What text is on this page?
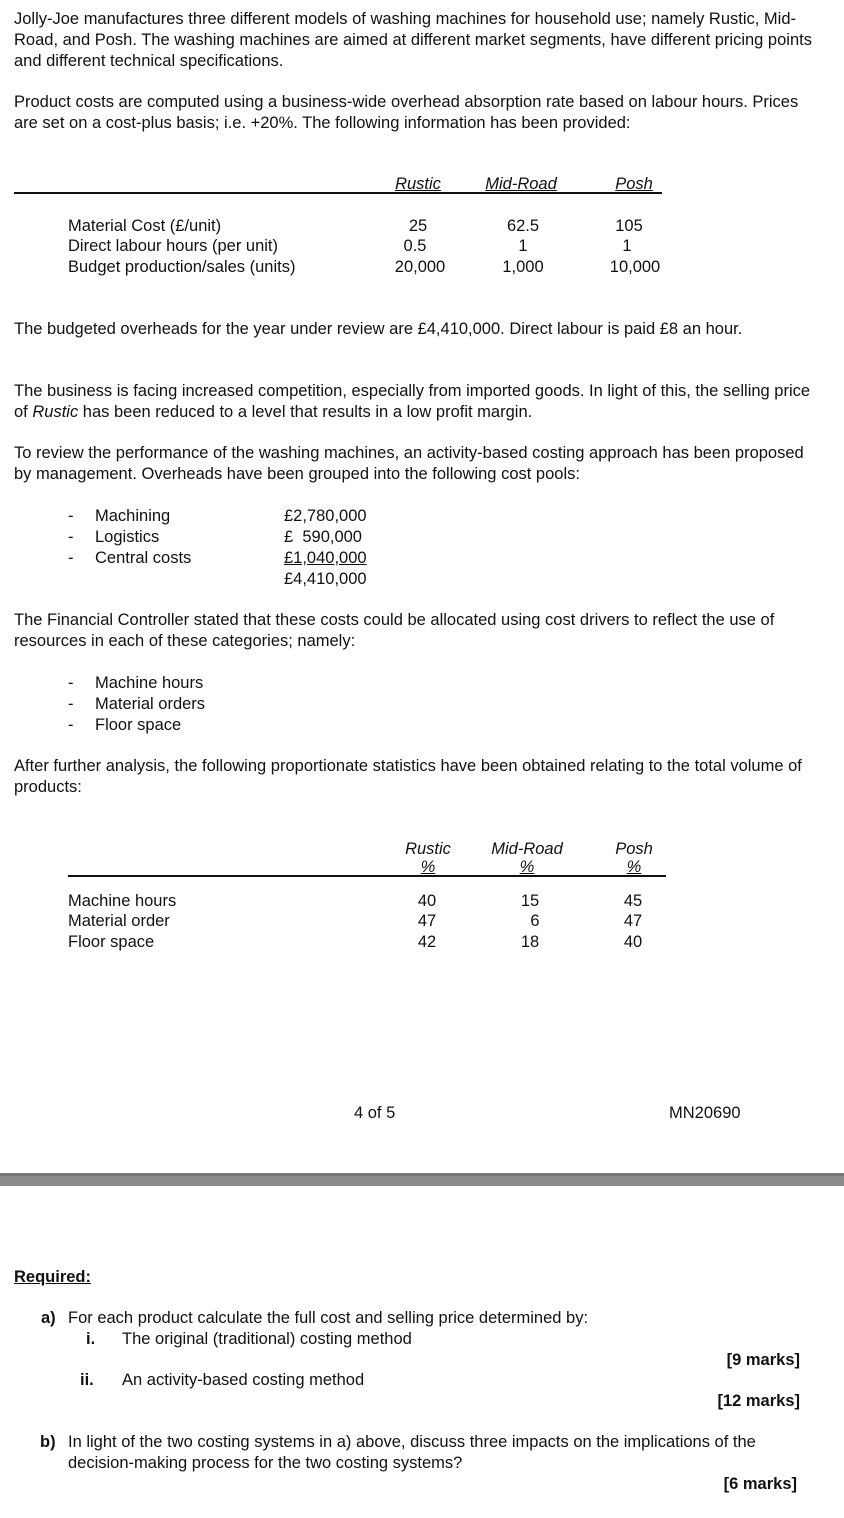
Jolly-Joe manufactures three different models of washing machines for household use; namely Rustic, Mid-Road, and Posh. The washing machines are aimed at different market segments, have different pricing points and different technical specifications.

Product costs are computed using a business-wide overhead absorption rate based on labour hours. Prices are set on a cost-plus basis; i.e. +20%. The following information has been provided:

Rustic	Mid-Road	Posh
Material Cost (£/unit)	25	62.5	105
Direct labour hours (per unit)	0.5	1	1
Budget production/sales (units)	20,000	1,000	10,000

The budgeted overheads for the year under review are £4,410,000. Direct labour is paid £8 an hour.

The business is facing increased competition, especially from imported goods. In light of this, the selling price of Rustic has been reduced to a level that results in a low profit margin.

To review the performance of the washing machines, an activity-based costing approach has been proposed by management. Overheads have been grouped into the following cost pools:

- Machining	£2,780,000
- Logistics	£  590,000
- Central costs	£1,040,000
£4,410,000

The Financial Controller stated that these costs could be allocated using cost drivers to reflect the use of resources in each of these categories; namely:

- Machine hours
- Material orders
- Floor space

After further analysis, the following proportionate statistics have been obtained relating to the total volume of products:

Rustic	Mid-Road	Posh
%	%	%
Machine hours	40	15	45
Material order	47	6	47
Floor space	42	18	40
4 of 5	MN20690
Required:
a) For each product calculate the full cost and selling price determined by:
i. The original (traditional) costing method
[9 marks]
ii. An activity-based costing method
[12 marks]
b) In light of the two costing systems in a) above, discuss three impacts on the implications of the decision-making process for the two costing systems?
[6 marks]
